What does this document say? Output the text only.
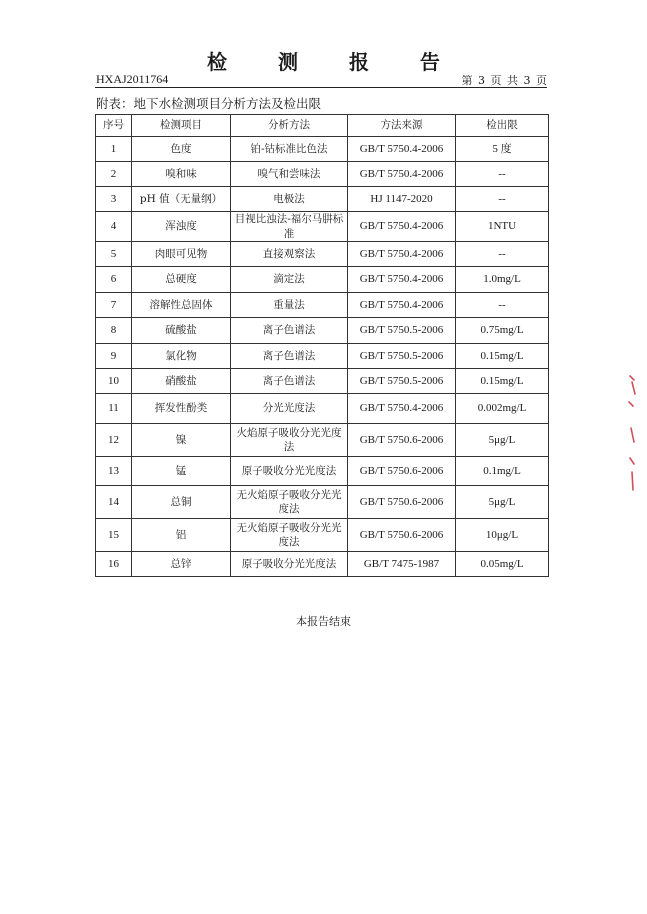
检 测 报 告
HXAJ2011764	第 3 页 共 3 页
附表：地下水检测项目分析方法及检出限
序号	检测项目	分析方法	方法来源	检出限
1	色度	铂-钴标准比色法	GB/T 5750.4-2006	5 度
2	嗅和味	嗅气和尝味法	GB/T 5750.4-2006	--
3	pH 值（无量纲）	电极法	HJ 1147-2020	--
4	浑浊度	目视比浊法-福尔马肼标准	GB/T 5750.4-2006	1NTU
5	肉眼可见物	直接观察法	GB/T 5750.4-2006	--
6	总硬度	滴定法	GB/T 5750.4-2006	1.0mg/L
7	溶解性总固体	重量法	GB/T 5750.4-2006	--
8	硫酸盐	离子色谱法	GB/T 5750.5-2006	0.75mg/L
9	氯化物	离子色谱法	GB/T 5750.5-2006	0.15mg/L
10	硝酸盐	离子色谱法	GB/T 5750.5-2006	0.15mg/L
11	挥发性酚类	分光光度法	GB/T 5750.4-2006	0.002mg/L
12	镍	火焰原子吸收分光光度法	GB/T 5750.6-2006	5μg/L
13	锰	原子吸收分光光度法	GB/T 5750.6-2006	0.1mg/L
14	总铜	无火焰原子吸收分光光度法	GB/T 5750.6-2006	5μg/L
15	铝	无火焰原子吸收分光光度法	GB/T 5750.6-2006	10μg/L
16	总锌	原子吸收分光光度法	GB/T 7475-1987	0.05mg/L
本报告结束
